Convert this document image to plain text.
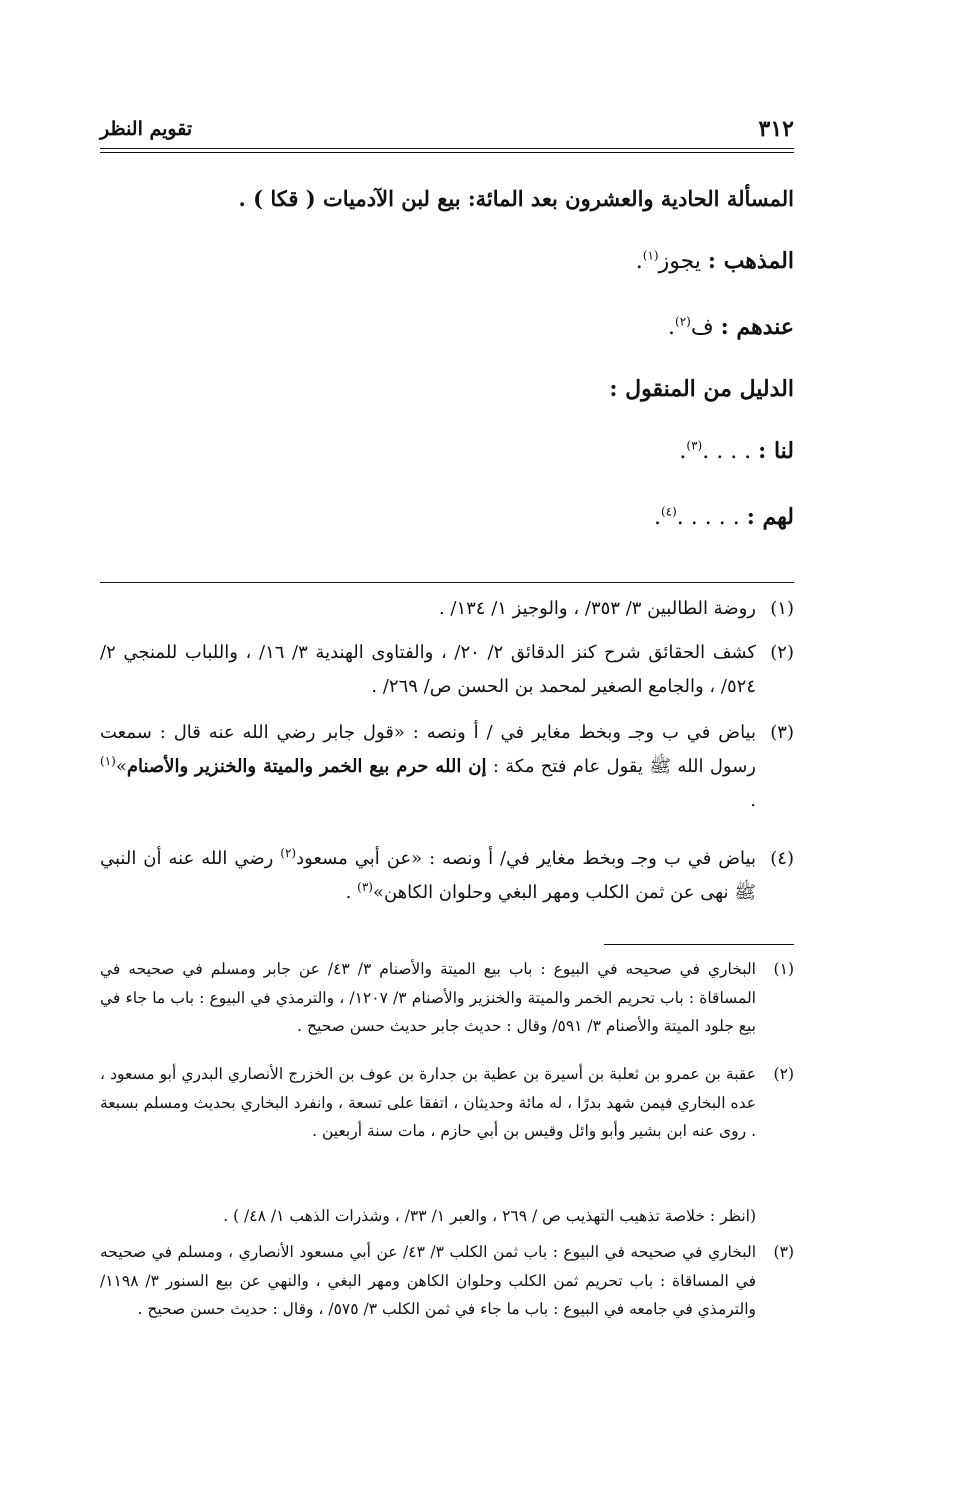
تقويم النظر	٣١٢
المسألة الحادية والعشرون بعد المائة: بيع لبن الآدميات ( قكا ) .
المذهب : يجوز$^{(١)}$.
عندهم : ف$^{(٢)}$.
الدليل من المنقول :
لنا : . . . .$^{(٣)}$.
لهم : . . . . .$^{(٤)}$.
(١)
روضة الطالبين ٣/ ٣٥٣/ ، والوجيز ١/ ١٣٤/ .
(٢)
كشف الحقائق شرح كنز الدقائق ٢/ ٢٠/ ، والفتاوى الهندية ٣/ ١٦/ ، واللباب للمنجي ٢/ ٥٢٤/ ، والجامع الصغير لمحمد بن الحسن ص/ ٢٦٩/ .
(٣)
بياض في ب وجـ وبخط مغاير في / أ ونصه : «قول جابر رضي الله عنه قال : سمعت رسول الله ﷺ يقول عام فتح مكة : إن الله حرم بيع الخمر والميتة والخنزير والأصنام»$^{(١)}$ .
(٤)
بياض في ب وجـ وبخط مغاير في/ أ ونصه : «عن أبي مسعود$^{(٢)}$ رضي الله عنه أن النبي ﷺ نهى عن ثمن الكلب ومهر البغي وحلوان الكاهن»$^{(٣)}$ .
(١)
البخاري في صحيحه في البيوع : باب بيع الميتة والأصنام ٣/ ٤٣/ عن جابر ومسلم في صحيحه في المساقاة : باب تحريم الخمر والميتة والخنزير والأصنام ٣/ ١٢٠٧/ ، والترمذي في البيوع : باب ما جاء في بيع جلود الميتة والأصنام ٣/ ٥٩١/ وقال : حديث جابر حديث حسن صحيح .
(٢)
عقبة بن عمرو بن ثعلبة بن أسيرة بن عطية بن جدارة بن عوف بن الخزرج الأنصاري البدري أبو مسعود ، عده البخاري فيمن شهد بدرًا ، له مائة وحديثان ، اتفقا على تسعة ، وانفرد البخاري بحديث ومسلم بسبعة . روى عنه ابن بشير وأبو وائل وقيس بن أبي حازم ، مات سنة أربعين .
(انظر : خلاصة تذهيب التهذيب ص / ٢٦٩ ، والعبر ١/ ٣٣/ ، وشذرات الذهب ١/ ٤٨/ ) .
(٣)
البخاري في صحيحه في البيوع : باب ثمن الكلب ٣/ ٤٣/ عن أبي مسعود الأنصاري ، ومسلم في صحيحه في المساقاة : باب تحريم ثمن الكلب وحلوان الكاهن ومهر البغي ، والنهي عن بيع السنور ٣/ ١١٩٨/ والترمذي في جامعه في البيوع : باب ما جاء في ثمن الكلب ٣/ ٥٧٥/ ، وقال : حديث حسن صحيح .
